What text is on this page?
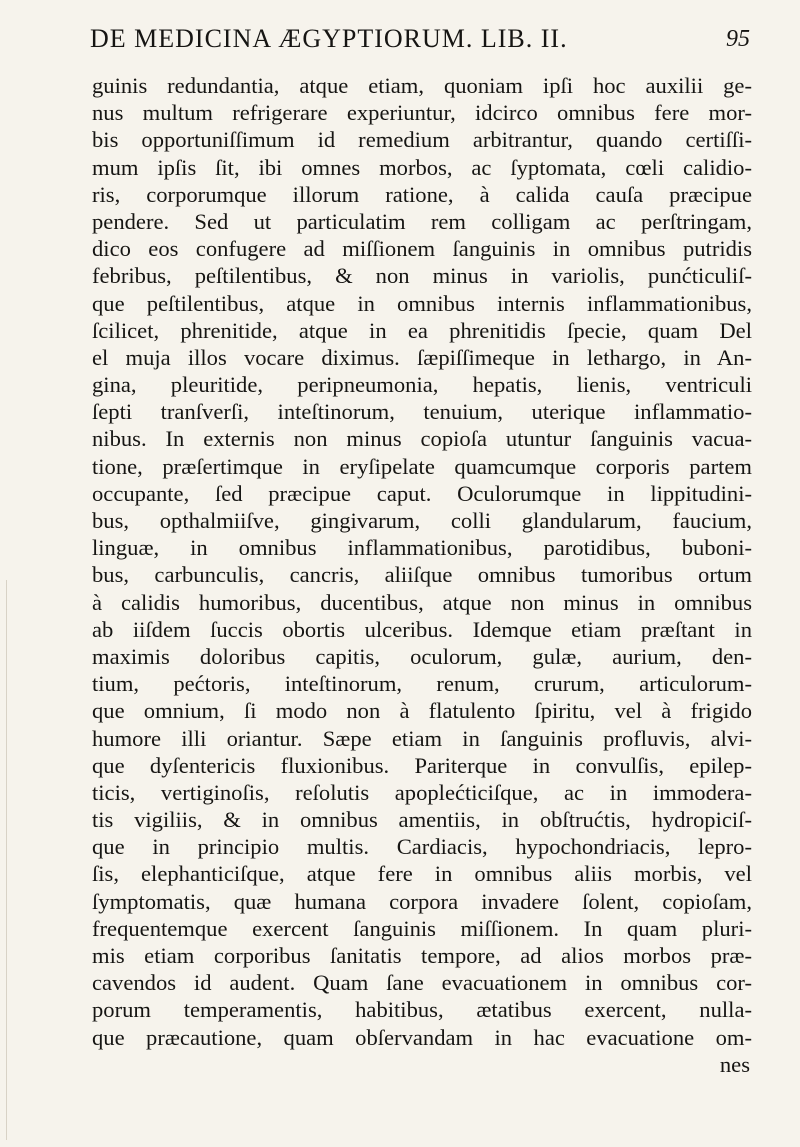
DE MEDICINA ÆGYPTIORUM. LIB. II.	95
guinis redundantia, atque etiam, quoniam ipſi hoc auxilii ge-
nus multum refrigerare experiuntur, idcirco omnibus fere mor-
bis opportuniſſimum id remedium arbitrantur, quando certiſſi-
mum ipſis ſit, ibi omnes morbos, ac ſyptomata, cœli calidio-
ris, corporumque illorum ratione, à calida cauſa præcipue
pendere. Sed ut particulatim rem colligam ac perſtringam,
dico eos confugere ad miſſionem ſanguinis in omnibus putridis
febribus, peſtilentibus, & non minus in variolis, punćticuliſ-
que peſtilentibus, atque in omnibus internis inflammationibus,
ſcilicet, phrenitide, atque in ea phrenitidis ſpecie, quam Del
el muja illos vocare diximus. ſæpiſſimeque in lethargo, in An-
gina, pleuritide, peripneumonia, hepatis, lienis, ventriculi
ſepti tranſverſi, inteſtinorum, tenuium, uterique inflammatio-
nibus. In externis non minus copioſa utuntur ſanguinis vacua-
tione, præſertimque in eryſipelate quamcumque corporis partem
occupante, ſed præcipue caput. Oculorumque in lippitudini-
bus, opthalmiiſve, gingivarum, colli glandularum, faucium,
linguæ, in omnibus inflammationibus, parotidibus, buboni-
bus, carbunculis, cancris, aliiſque omnibus tumoribus ortum
à calidis humoribus, ducentibus, atque non minus in omnibus
ab iiſdem ſuccis obortis ulceribus. Idemque etiam præſtant in
maximis doloribus capitis, oculorum, gulæ, aurium, den-
tium, pećtoris, inteſtinorum, renum, crurum, articulorum-
que omnium, ſi modo non à flatulento ſpiritu, vel à frigido
humore illi oriantur. Sæpe etiam in ſanguinis profluvis, alvi-
que dyſentericis fluxionibus. Pariterque in convulſis, epilep-
ticis, vertiginoſis, reſolutis apoplećticiſque, ac in immodera-
tis vigiliis, & in omnibus amentiis, in obſtrućtis, hydropiciſ-
que in principio multis. Cardiacis, hypochondriacis, lepro-
ſis, elephanticiſque, atque fere in omnibus aliis morbis, vel
ſymptomatis, quæ humana corpora invadere ſolent, copioſam,
frequentemque exercent ſanguinis miſſionem. In quam pluri-
mis etiam corporibus ſanitatis tempore, ad alios morbos præ-
cavendos id audent. Quam ſane evacuationem in omnibus cor-
porum temperamentis, habitibus, ætatibus exercent, nulla-
que præcautione, quam obſervandam in hac evacuatione om-
nes
